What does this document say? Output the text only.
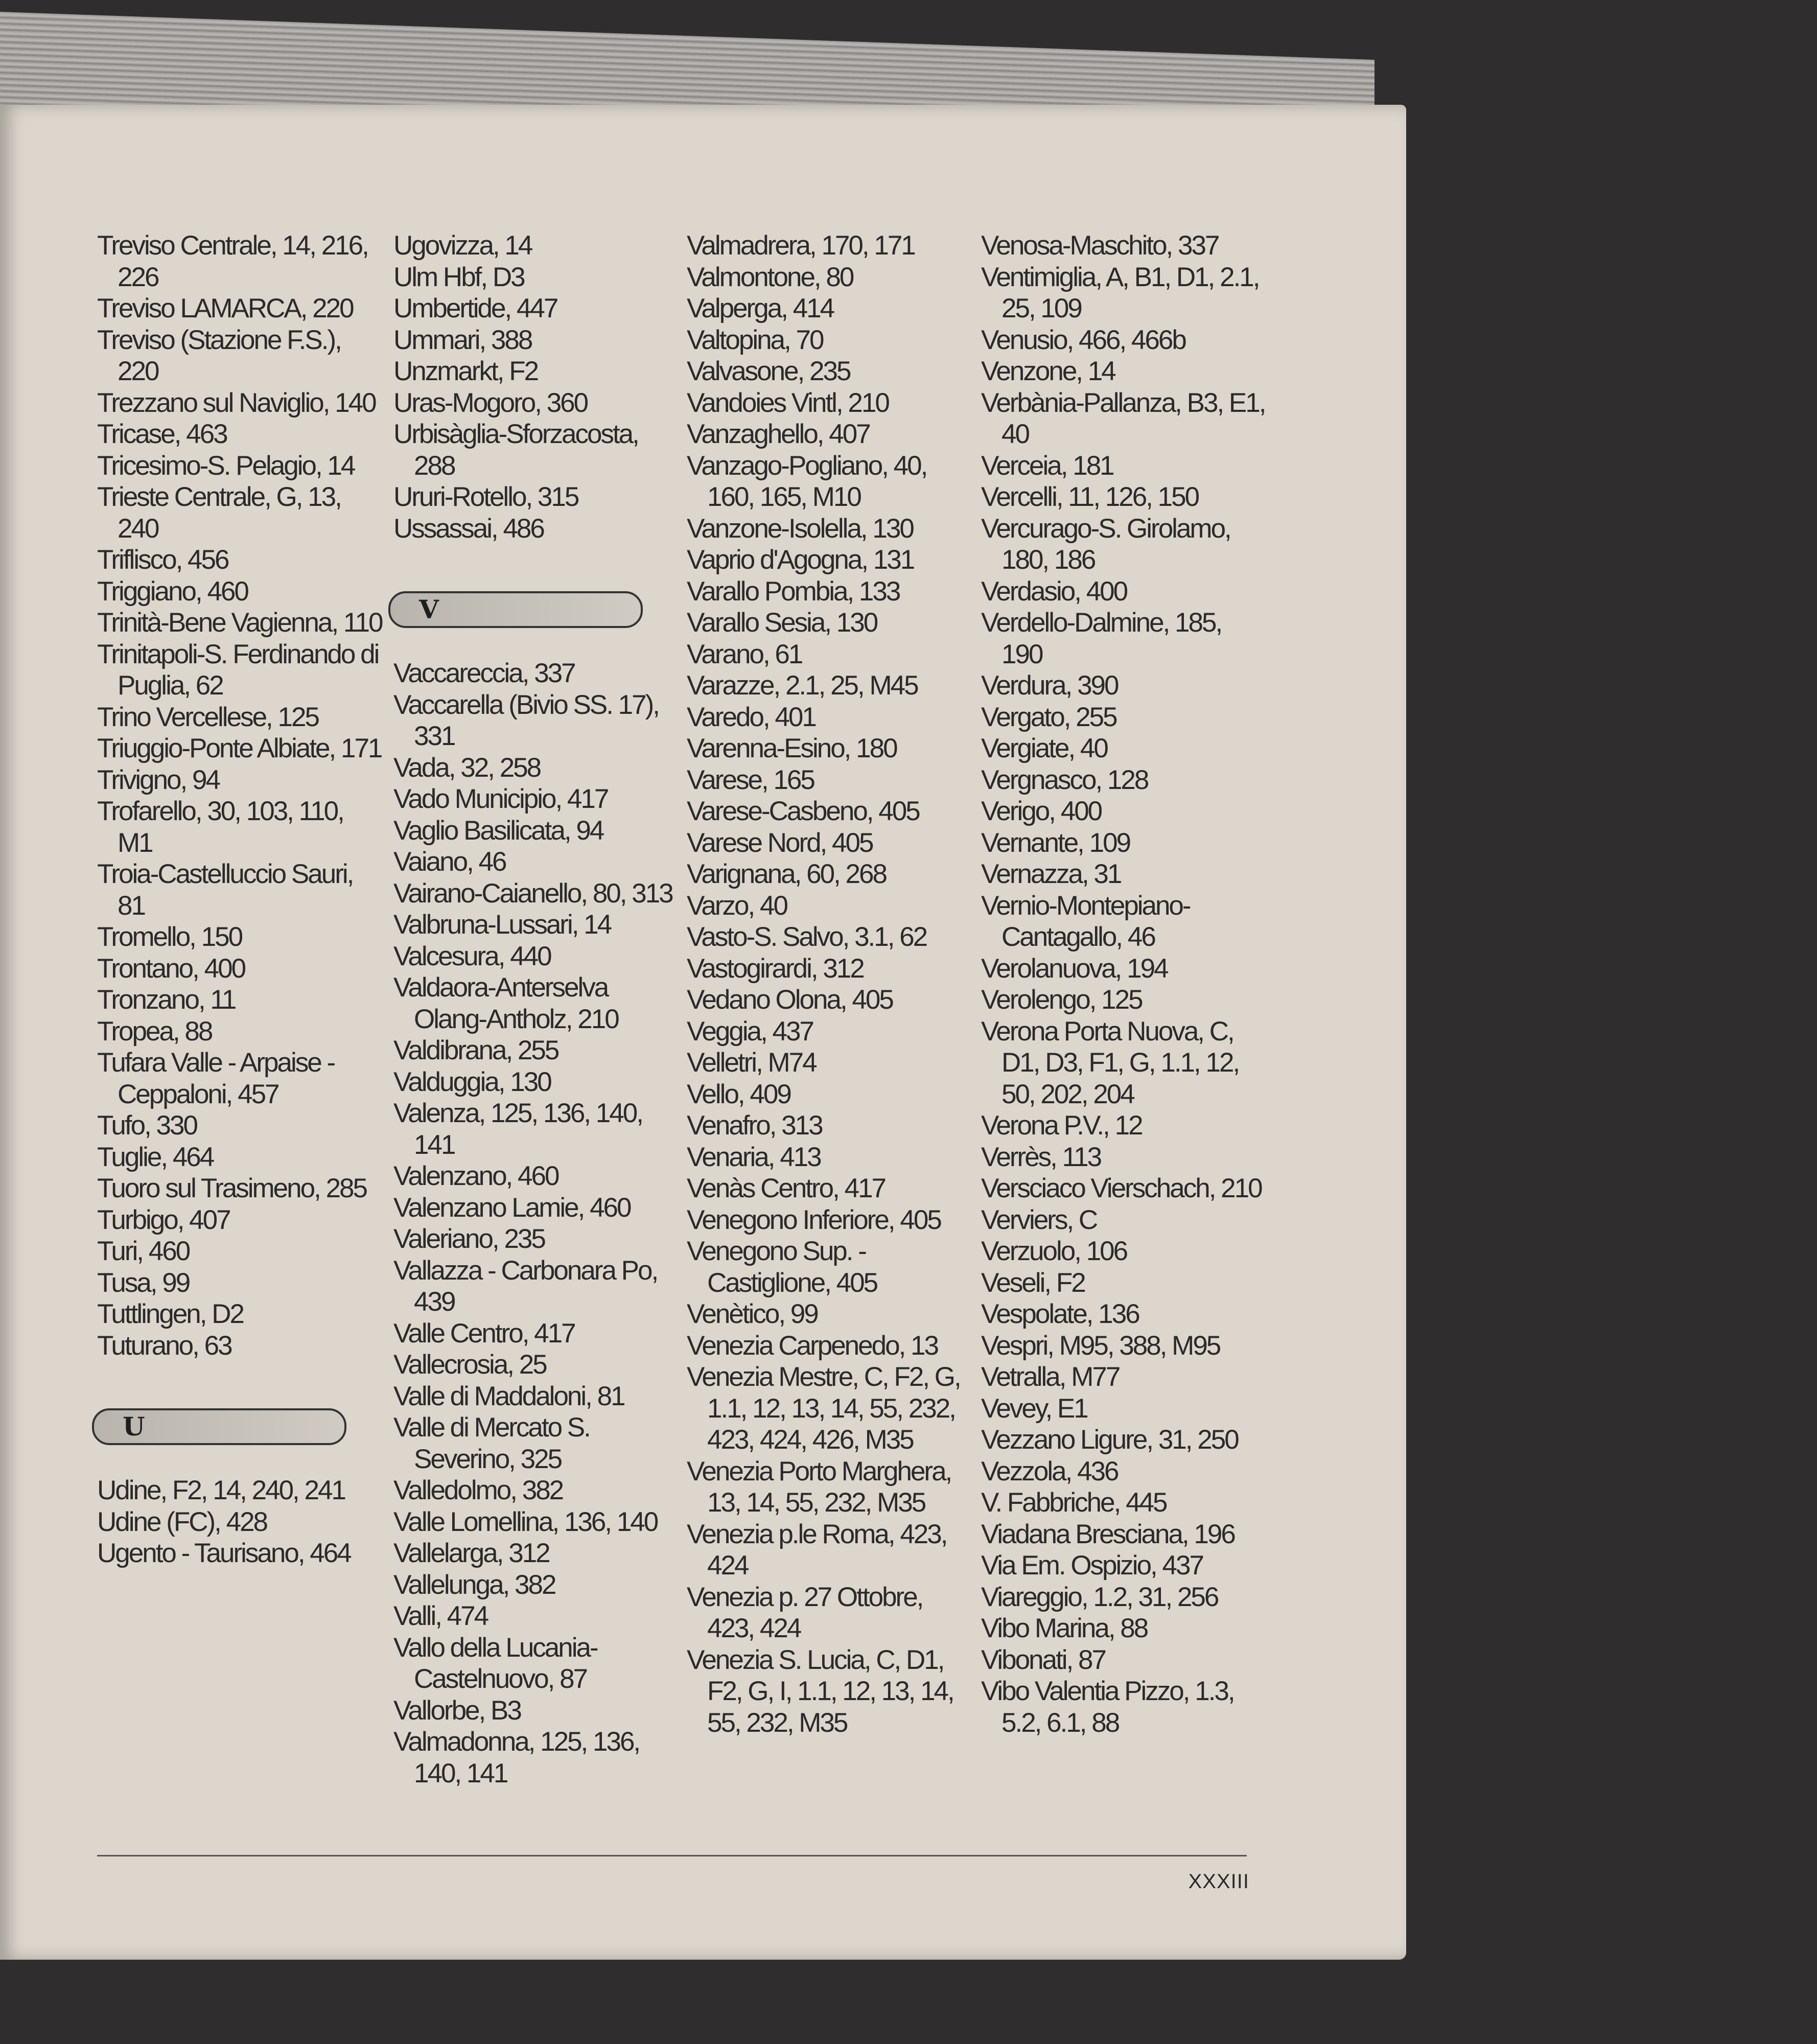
Treviso Centrale, 14, 216, 226
Treviso LAMARCA, 220
Treviso (Stazione F.S.), 220
Trezzano sul Naviglio, 140
Tricase, 463
Tricesimo-S. Pelagio, 14
Trieste Centrale, G, 13, 240
Triflisco, 456
Triggiano, 460
Trinità-Bene Vagienna, 110
Trinitapoli-S. Ferdinando di Puglia, 62
Trino Vercellese, 125
Triuggio-Ponte Albiate, 171
Trivigno, 94
Trofarello, 30, 103, 110, M1
Troia-Castelluccio Sauri, 81
Tromello, 150
Trontano, 400
Tronzano, 11
Tropea, 88
Tufara Valle - Arpaise - Ceppaloni, 457
Tufo, 330
Tuglie, 464
Tuoro sul Trasimeno, 285
Turbigo, 407
Turi, 460
Tusa, 99
Tuttlingen, D2
Tuturano, 63
U
Udine, F2, 14, 240, 241
Udine (FC), 428
Ugento - Taurisano, 464
Ugovizza, 14
Ulm Hbf, D3
Umbertide, 447
Ummari, 388
Unzmarkt, F2
Uras-Mogoro, 360
Urbisàglia-Sforzacosta, 288
Ururi-Rotello, 315
Ussassai, 486
V
Vaccareccia, 337
Vaccarella (Bivio SS. 17), 331
Vada, 32, 258
Vado Municipio, 417
Vaglio Basilicata, 94
Vaiano, 46
Vairano-Caianello, 80, 313
Valbruna-Lussari, 14
Valcesura, 440
Valdaora-Anterselva Olang-Antholz, 210
Valdibrana, 255
Valduggia, 130
Valenza, 125, 136, 140, 141
Valenzano, 460
Valenzano Lamie, 460
Valeriano, 235
Vallazza - Carbonara Po, 439
Valle Centro, 417
Vallecrosia, 25
Valle di Maddaloni, 81
Valle di Mercato S. Severino, 325
Valledolmo, 382
Valle Lomellina, 136, 140
Vallelarga, 312
Vallelunga, 382
Valli, 474
Vallo della Lucania-Castelnuovo, 87
Vallorbe, B3
Valmadonna, 125, 136, 140, 141
Valmadrera, 170, 171
Valmontone, 80
Valperga, 414
Valtopina, 70
Valvasone, 235
Vandoies Vintl, 210
Vanzaghello, 407
Vanzago-Pogliano, 40, 160, 165, M10
Vanzone-Isolella, 130
Vaprio d'Agogna, 131
Varallo Pombia, 133
Varallo Sesia, 130
Varano, 61
Varazze, 2.1, 25, M45
Varedo, 401
Varenna-Esino, 180
Varese, 165
Varese-Casbeno, 405
Varese Nord, 405
Varignana, 60, 268
Varzo, 40
Vasto-S. Salvo, 3.1, 62
Vastogirardi, 312
Vedano Olona, 405
Veggia, 437
Velletri, M74
Vello, 409
Venafro, 313
Venaria, 413
Venàs Centro, 417
Venegono Inferiore, 405
Venegono Sup. - Castiglione, 405
Venètico, 99
Venezia Carpenedo, 13
Venezia Mestre, C, F2, G, 1.1, 12, 13, 14, 55, 232, 423, 424, 426, M35
Venezia Porto Marghera, 13, 14, 55, 232, M35
Venezia p.le Roma, 423, 424
Venezia p. 27 Ottobre, 423, 424
Venezia S. Lucia, C, D1, F2, G, I, 1.1, 12, 13, 14, 55, 232, M35
Venosa-Maschito, 337
Ventimiglia, A, B1, D1, 2.1, 25, 109
Venusio, 466, 466b
Venzone, 14
Verbània-Pallanza, B3, E1, 40
Verceia, 181
Vercelli, 11, 126, 150
Vercurago-S. Girolamo, 180, 186
Verdasio, 400
Verdello-Dalmine, 185, 190
Verdura, 390
Vergato, 255
Vergiate, 40
Vergnasco, 128
Verigo, 400
Vernante, 109
Vernazza, 31
Vernio-Montepiano-Cantagallo, 46
Verolanuova, 194
Verolengo, 125
Verona Porta Nuova, C, D1, D3, F1, G, 1.1, 12, 50, 202, 204
Verona P.V., 12
Verrès, 113
Versciaco Vierschach, 210
Verviers, C
Verzuolo, 106
Veseli, F2
Vespolate, 136
Vespri, M95, 388, M95
Vetralla, M77
Vevey, E1
Vezzano Ligure, 31, 250
Vezzola, 436
V. Fabbriche, 445
Viadana Bresciana, 196
Via Em. Ospizio, 437
Viareggio, 1.2, 31, 256
Vibo Marina, 88
Vibonati, 87
Vibo Valentia Pizzo, 1.3, 5.2, 6.1, 88
XXXIII
